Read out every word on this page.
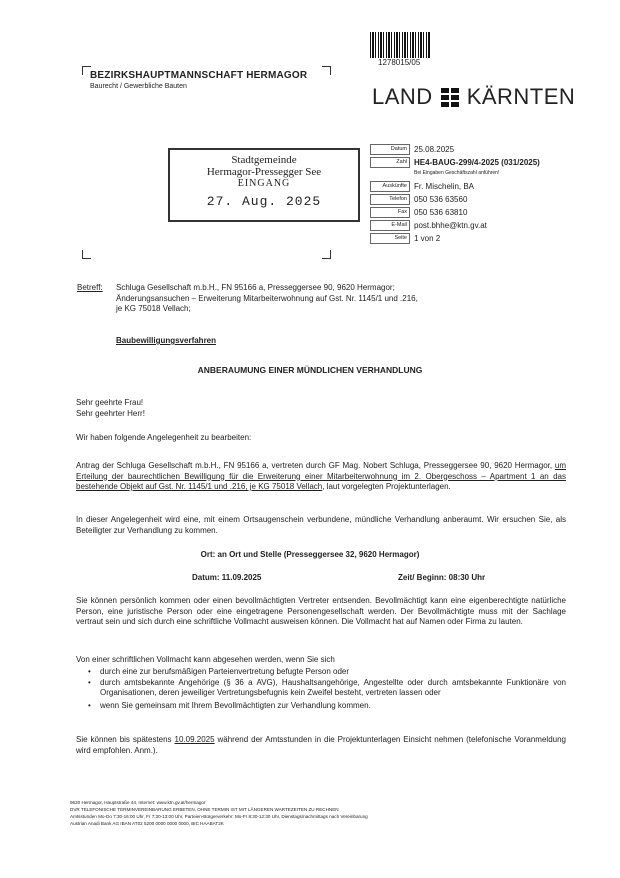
1278015/05
BEZIRKSHAUPTMANNSCHAFT HERMAGOR
Baurecht / Gewerbliche Bauten	LAND KÄRNTEN
Datum 25.08.2025
Zahl HE4-BAUG-299/4-2025 (031/2025)
Bei Eingaben Geschäftszahl anführen!
Auskünfte Fr. Mischelin, BA
Telefon 050 536 63560
Fax 050 536 63810
E-Mail post.bhhe@ktn.gv.at
Seite 1 von 2
Stadtgemeinde
Hermagor-Pressegger See
EINGANG
27. Aug. 2025
Betreff: Schluga Gesellschaft m.b.H., FN 95166 a, Presseggersee 90, 9620 Hermagor;
Änderungsansuchen – Erweiterung Mitarbeiterwohnung auf Gst. Nr. 1145/1 und .216,
je KG 75018 Vellach;
Baubewilligungsverfahren
ANBERAUMUNG EINER MÜNDLICHEN VERHANDLUNG
Sehr geehrte Frau!
Sehr geehrter Herr!
Wir haben folgende Angelegenheit zu bearbeiten:
Antrag der Schluga Gesellschaft m.b.H., FN 95166 a, vertreten durch GF Mag. Nobert Schluga, Presseggersee 90, 9620 Hermagor, um Erteilung der baurechtlichen Bewilligung für die Erweiterung einer Mitarbeiterwohnung im 2. Obergeschoss – Apartment 1 an das bestehende Objekt auf Gst. Nr. 1145/1 und .216, je KG 75018 Vellach, laut vorgelegten Projektunterlagen.
In dieser Angelegenheit wird eine, mit einem Ortsaugenschein verbundene, mündliche Verhandlung anberaumt. Wir ersuchen Sie, als Beteiligter zur Verhandlung zu kommen.
Ort: an Ort und Stelle (Presseggersee 32, 9620 Hermagor)
Datum: 11.09.2025	Zeit/ Beginn: 08:30 Uhr
Sie können persönlich kommen oder einen bevollmächtigten Vertreter entsenden. Bevollmächtigt kann eine eigenberechtigte natürliche Person, eine juristische Person oder eine eingetragene Personengesellschaft werden. Der Bevollmächtigte muss mit der Sachlage vertraut sein und sich durch eine schriftliche Vollmacht ausweisen können. Die Vollmacht hat auf Namen oder Firma zu lauten.
Von einer schriftlichen Vollmacht kann abgesehen werden, wenn Sie sich
• durch eine zur berufsmäßigen Parteienvertretung befugte Person oder
• durch amtsbekannte Angehörige (§ 36 a AVG), Haushaltsangehörige, Angestellte oder durch amtsbekannte Funktionäre von Organisationen, deren jeweiliger Vertretungsbefugnis kein Zweifel besteht, vertreten lassen oder
• wenn Sie gemeinsam mit Ihrem Bevollmächtigten zur Verhandlung kommen.
Sie können bis spätestens 10.09.2025 während der Amtsstunden in die Projektunterlagen Einsicht nehmen (telefonische Voranmeldung wird empfohlen. Anm.).
9620 Hermagor, Hauptstraße 44, Internet: www.ktn.gv.at/hermagor
DVR TELEFONISCHE TERMINVEREINBARUNG ERBETEN, OHNE TERMIN IST MIT LÄNGEREN WARTEZEITEN ZU RECHNEN
Amtsstunden Mo-Do 7:30-16:00 Uhr, Fr 7:30-13:00 Uhr, Parteien-Bürgerverkehr: Mo-Fr 8:30-12:30 Uhr, Dienstags/nachmittags nach Vereinbarung
Austrian Anadi Bank AG IBAN AT02 5200 0000 0000 0000, BIC HAABAT2K
